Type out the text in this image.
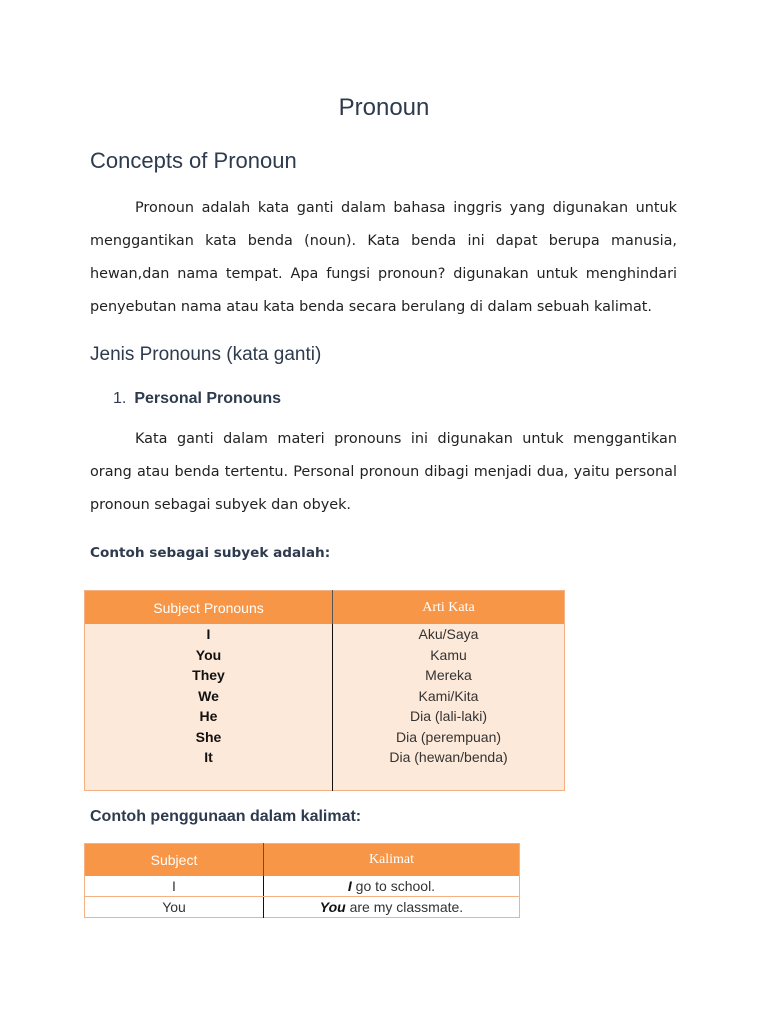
Pronoun
Concepts of Pronoun
Pronoun adalah kata ganti dalam bahasa inggris yang digunakan untuk
menggantikan kata benda (noun). Kata benda ini dapat berupa manusia,
hewan,dan nama tempat. Apa fungsi pronoun? digunakan untuk menghindari
penyebutan nama atau kata benda secara berulang di dalam sebuah kalimat.
Jenis Pronouns (kata ganti)
1. Personal Pronouns
Kata ganti dalam materi pronouns ini digunakan untuk menggantikan
orang atau benda tertentu. Personal pronoun dibagi menjadi dua, yaitu personal
pronoun sebagai subyek dan obyek.
Contoh sebagai subyek adalah:
Subject Pronouns	Arti Kata
I	Aku/Saya
You	Kamu
They	Mereka
We	Kami/Kita
He	Dia (lali-laki)
She	Dia (perempuan)
It	Dia (hewan/benda)

Contoh penggunaan dalam kalimat:
Subject	Kalimat
I	I go to school.
You	You are my classmate.
